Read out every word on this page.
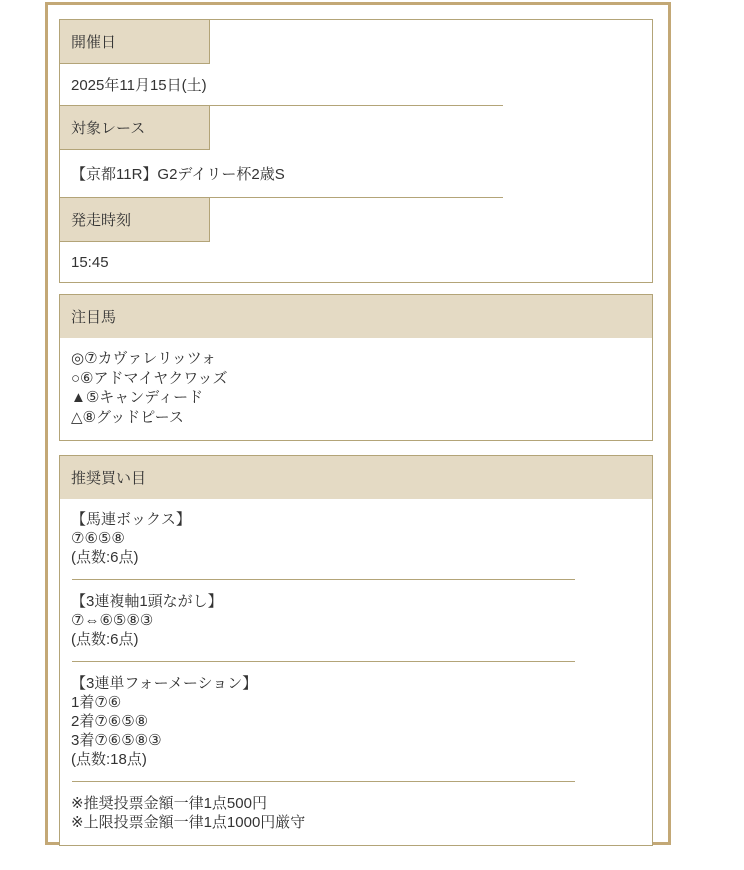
開催日
2025年11月15日(土)
対象レース
【京都11R】G2デイリー杯2歳S
発走時刻
15:45
注目馬

◎⑦カヴァレリッツォ

○⑥アドマイヤクワッズ

▲⑤キャンディード

△⑧グッドピース

推奨買い目

【馬連ボックス】

⑦⑥⑤⑧

(点数:6点)

【3連複軸1頭ながし】

⑦⇔⑥⑤⑧③

(点数:6点)

【3連単フォーメーション】

1着⑦⑥

2着⑦⑥⑤⑧

3着⑦⑥⑤⑧③

(点数:18点)

※推奨投票金額一律1点500円

※上限投票金額一律1点1000円厳守
